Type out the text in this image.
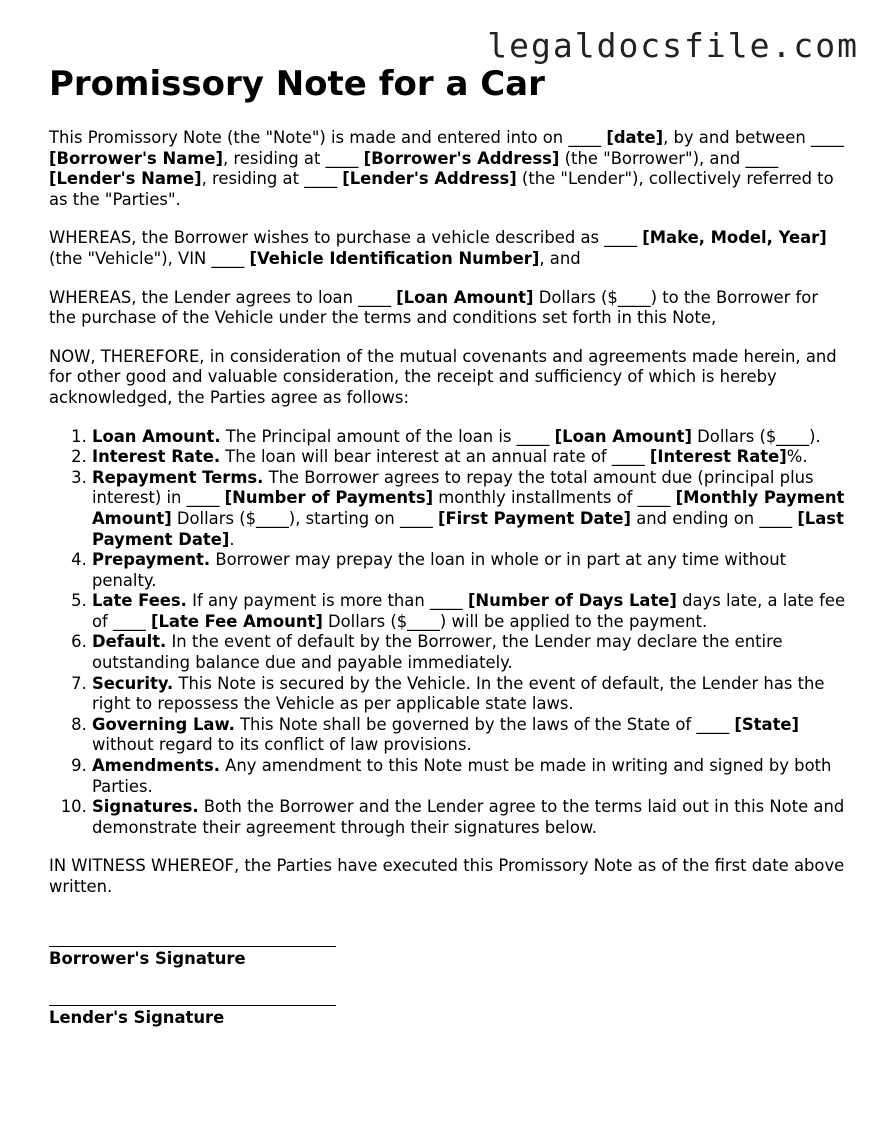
legaldocsfile.com
Promissory Note for a Car

This Promissory Note (the "Note") is made and entered into on ____ [date], by and between ____ [Borrower's Name], residing at ____ [Borrower's Address] (the "Borrower"), and ____ [Lender's Name], residing at ____ [Lender's Address] (the "Lender"), collectively referred to as the "Parties".

WHEREAS, the Borrower wishes to purchase a vehicle described as ____ [Make, Model, Year] (the "Vehicle"), VIN ____ [Vehicle Identification Number], and

WHEREAS, the Lender agrees to loan ____ [Loan Amount] Dollars ($____) to the Borrower for the purchase of the Vehicle under the terms and conditions set forth in this Note,

NOW, THEREFORE, in consideration of the mutual covenants and agreements made herein, and for other good and valuable consideration, the receipt and sufficiency of which is hereby acknowledged, the Parties agree as follows:

1. Loan Amount. The Principal amount of the loan is ____ [Loan Amount] Dollars ($____).
2. Interest Rate. The loan will bear interest at an annual rate of ____ [Interest Rate]%.
3. Repayment Terms. The Borrower agrees to repay the total amount due (principal plus interest) in ____ [Number of Payments] monthly installments of ____ [Monthly Payment Amount] Dollars ($____), starting on ____ [First Payment Date] and ending on ____ [Last Payment Date].
4. Prepayment. Borrower may prepay the loan in whole or in part at any time without penalty.
5. Late Fees. If any payment is more than ____ [Number of Days Late] days late, a late fee of ____ [Late Fee Amount] Dollars ($____) will be applied to the payment.
6. Default. In the event of default by the Borrower, the Lender may declare the entire outstanding balance due and payable immediately.
7. Security. This Note is secured by the Vehicle. In the event of default, the Lender has the right to repossess the Vehicle as per applicable state laws.
8. Governing Law. This Note shall be governed by the laws of the State of ____ [State] without regard to its conflict of law provisions.
9. Amendments. Any amendment to this Note must be made in writing and signed by both Parties.
10. Signatures. Both the Borrower and the Lender agree to the terms laid out in this Note and demonstrate their agreement through their signatures below.

IN WITNESS WHEREOF, the Parties have executed this Promissory Note as of the first date above written.

Borrower's Signature
Lender's Signature
